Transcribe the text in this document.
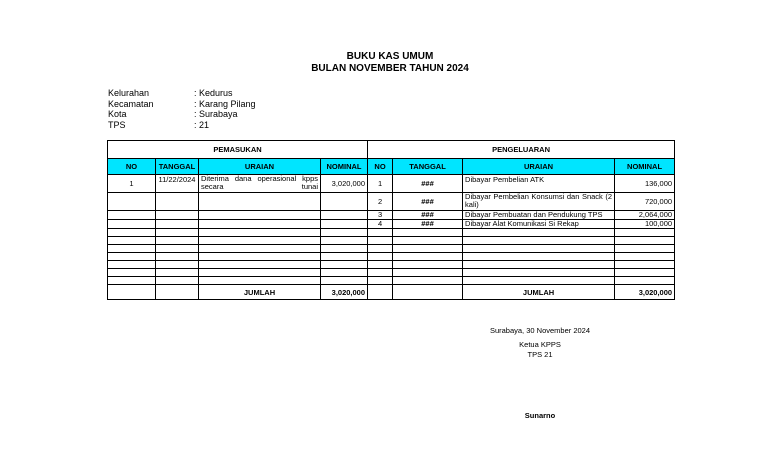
BUKU KAS UMUM
BULAN NOVEMBER TAHUN 2024
Kelurahan	: Kedurus
Kecamatan	: Karang Pilang
Kota	: Surabaya
TPS	: 21
PEMASUKAN				PENGELUARAN			
NO	TANGGAL	URAIAN	NOMINAL	NO	TANGGAL	URAIAN	NOMINAL
1	11/22/2024	Diterima dana operasional kpps secara tunai	3,020,000	1	###	Dibayar Pembelian ATK	136,000
				2	###	Dibayar Pembelian Konsumsi dan Snack (2 kali)	720,000
				3	###	Dibayar Pembuatan dan Pendukung TPS	2,064,000
				4	###	Dibayar Alat Komunikasi Si Rekap	100,000

		JUMLAH	3,020,000			JUMLAH	3,020,000
Surabaya, 30 November 2024
Ketua KPPS
TPS 21
Sunarno
